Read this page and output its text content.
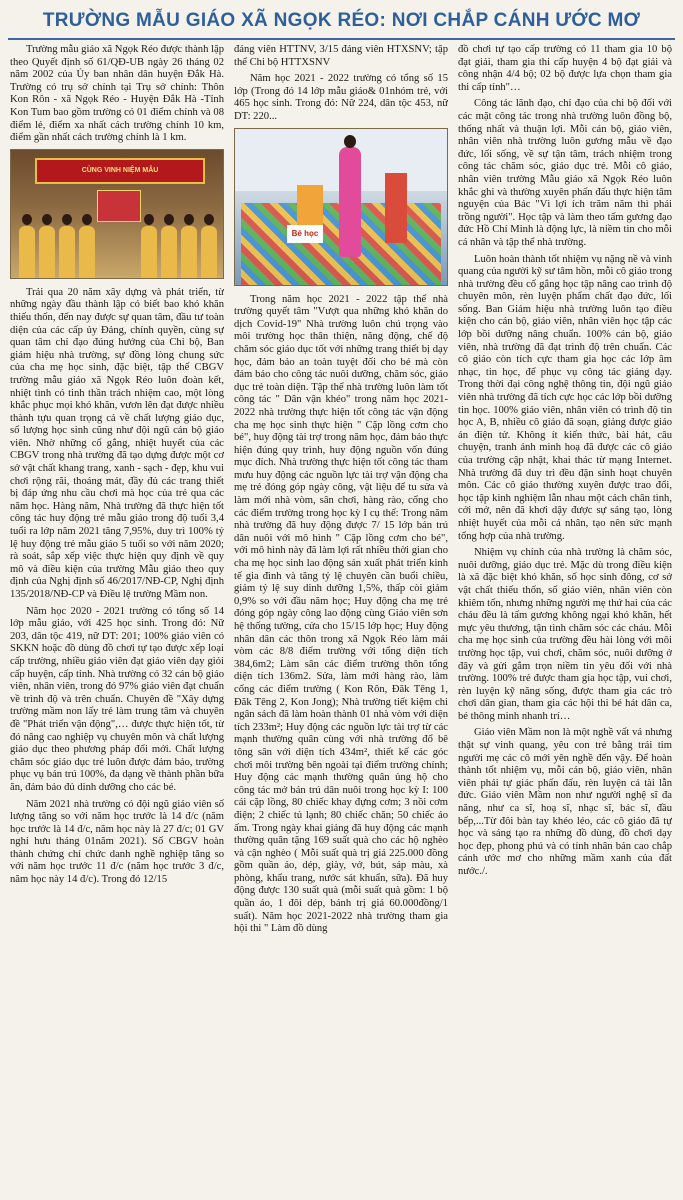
TRƯỜNG MẪU GIÁO XÃ NGỌK RÉO: NƠI CHẮP CÁNH ƯỚC MƠ

Trường mẫu giáo xã Ngọk Réo được thành lập theo Quyết định số 61/QĐ-UB ngày 26 tháng 02 năm 2002 của Ủy ban nhân dân huyện Đắk Hà. Trường có trụ sở chính tại Trụ sở chính: Thôn Kon Rôn - xã Ngọk Réo - Huyện Đắk Hà -Tỉnh Kon Tum bao gồm trường có 01 điểm chính và 08 điểm lẻ, điểm xa nhất cách trường chính 10 km, điểm gần nhất cách trường chính là 1 km.

CÙNG VINH NIỆM MẪU

Trải qua 20 năm xây dựng và phát triển, từ những ngày đầu thành lập có biết bao khó khăn thiếu thốn, đến nay được sự quan tâm, đầu tư toàn diện của các cấp ủy Đảng, chính quyền, cùng sự quan tâm chỉ đạo đúng hướng của Chi bộ, Ban giám hiệu nhà trường, sự đồng lòng chung sức của cha mẹ học sinh, đặc biệt, tập thể CBGV trường mẫu giáo xã Ngọk Réo luôn đoàn kết, nhiệt tình có tinh thần trách nhiệm cao, một lòng khắc phục mọi khó khăn, vươn lên đạt được nhiều thành tựu quan trọng cả về chất lượng giáo dục, số lượng học sinh cũng như đội ngũ cán bộ giáo viên. Nhờ những cố gắng, nhiệt huyết của các CBGV trong nhà trường đã tạo dựng được một cơ sở vật chất khang trang, xanh - sạch - đẹp, khu vui chơi rộng rãi, thoáng mát, đầy đủ các trang thiết bị đáp ứng nhu cầu chơi mà học của trẻ qua các năm học. Hàng năm, Nhà trường đã thực hiện tốt công tác huy động trẻ mẫu giáo trong độ tuổi 3,4 tuổi ra lớp năm 2021 tăng 7,95%, duy trì 100% tỷ lệ huy động trẻ mẫu giáo 5 tuổi so với năm 2020; rà soát, sắp xếp việc thực hiện quy định về quy mô và điều kiện của trường Mẫu giáo theo quy định của Nghị định số 46/2017/NĐ-CP, Nghị định 135/2018/NĐ-CP và Điều lệ trường Mầm non.

Năm học 2020 - 2021 trường có tổng số 14 lớp mẫu giáo, với 425 học sinh. Trong đó: Nữ 203, dân tộc 419, nữ DT: 201; 100% giáo viên có SKKN hoặc đồ dùng đồ chơi tự tạo được xếp loại cấp trường, nhiều giáo viên đạt giáo viên dạy giỏi cấp huyện, cấp tỉnh. Nhà trường có 32 cán bộ giáo viên, nhân viên, trong đó 97% giáo viên đạt chuẩn về trình độ và trên chuẩn. Chuyên đề "Xây dựng trường mầm non lấy trẻ làm trung tâm và chuyên đề "Phát triển vận động",… được thực hiện tốt, từ đó nâng cao nghiệp vụ chuyên môn và chất lượng giáo dục theo phương pháp đổi mới. Chất lượng chăm sóc giáo dục trẻ luôn được đảm bảo, trường phục vụ bán trú 100%, đa dạng về thành phần bữa ăn, đảm bảo đủ dinh dưỡng cho các bé.

Năm 2021 nhà trường có đội ngũ giáo viên số lượng tăng so với năm học trước là 14 đ/c (năm học trước là 14 đ/c, năm học này là 27 đ/c; 01 GV nghỉ hưu tháng 01năm 2021). Số CBGV hoàn thành chứng chỉ chức danh nghề nghiệp tăng so với năm học trước 11 đ/c (năm học trước 3 đ/c, năm học này 14 đ/c). Trong đó 12/15

đảng viên HTTNV, 3/15 đảng viên HTXSNV; tập thể Chi bộ HTTXSNV

Năm học 2021 - 2022 trường có tổng số 15 lớp (Trong đó 14 lớp mẫu giáo& 01nhóm trẻ, với 465 học sinh. Trong đó: Nữ 224, dân tộc 453, nữ DT: 220...

Bé học

Trong năm học 2021 - 2022 tập thể nhà trường quyết tâm "Vượt qua những khó khăn do dịch Covid-19" Nhà trường luôn chú trọng vào môi trường học thân thiện, năng động, chế độ chăm sóc giáo dục tốt với những trang thiết bị dạy học, đảm bảo an toàn tuyệt đối cho bé mà còn đảm bảo cho công tác nuôi dưỡng, chăm sóc, giáo dục trẻ toàn diện. Tập thể nhà trường luôn làm tốt công tác " Dân vận khéo" trong năm học 2021-2022 nhà trường thực hiện tốt công tác vận động cha mẹ học sinh thực hiện " Cặp lồng cơm cho bé", huy động tài trợ trong năm học, đảm bảo thực hiện đúng quy trình, huy động nguồn vốn đúng mục đích. Nhà trường thực hiện tốt công tác tham mưu huy động các nguồn lực tài trợ vận động cha mẹ trẻ đóng góp ngày công, vật liệu để tu sửa và làm mới nhà vòm, sân chơi, hàng rào, cổng cho các điểm trường trong học kỳ I cụ thể: Trong năm nhà trường đã huy động được 7/ 15 lớp bán trú dân nuôi với mô hình " Cặp lồng cơm cho bé", với mô hình này đã làm lợi rất nhiều thời gian cho cha mẹ học sinh lao động sản xuất phát triển kinh tế gia đình và tăng tỷ lệ chuyên cần buổi chiều, giảm tỷ lệ suy dinh dưỡng 1,5%, thấp còi giảm 0,9% so với đầu năm học; Huy động cha mẹ trẻ đóng góp ngày công lao động cùng Giáo viên sơn hệ thống tường, cửa cho 15/15 lớp học; Huy động nhân dân các thôn trong xã Ngọk Réo làm mái vòm các 8/8 điểm trường với tổng diện tích 384,6m2; Làm sân các điểm trường thôn tổng diện tích 136m2. Sửa, làm mới hàng rào, làm cổng các điểm trường ( Kon Rôn, Đăk Tēng 1, Đăk Tēng 2, Kon Jong); Nhà trường tiết kiệm chi ngân sách đã làm hoàn thành 01 nhà vòm với diện tích 233m²; Huy động các nguồn lực tài trợ từ các mạnh thường quân cùng với nhà trường đổ bê tông sân với diện tích 434m², thiết kế các góc chơi môi trường bên ngoài tại điểm trường chính; Huy động các mạnh thường quân ủng hộ cho công tác mở bán trú dân nuôi trong học kỳ I: 100 cái cặp lồng, 80 chiếc khay đựng cơm; 3 nồi cơm điện; 2 chiếc tủ lạnh; 80 chiếc chăn; 50 chiếc áo ấm. Trong ngày khai giảng đã huy động các mạnh thường quân tặng 169 suất quà cho các hộ nghèo và cận nghèo ( Mỗi suất quà trị giá 225.000 đồng gồm quần áo, dép, giày, vở, bút, sáp màu, xà phòng, khẩu trang, nước sát khuẩn, sữa). Đã huy động được 130 suất quà (mỗi suất quà gồm: 1 bộ quần áo, 1 đôi dép, bánh trị giá 60.000đồng/1 suất). Năm học 2021-2022 nhà trường tham gia hội thi " Làm đồ dùng

đồ chơi tự tạo cấp trường có 11 tham gia 10 bộ đạt giải, tham gia thi cấp huyện 4 bộ đạt giải và công nhận 4/4 bộ; 02 bộ được lựa chọn tham gia thi cấp tỉnh"…

Công tác lãnh đạo, chỉ đạo của chi bộ đối với các mặt công tác trong nhà trường luôn đồng bộ, thống nhất và thuận lợi. Mỗi cán bộ, giáo viên, nhân viên nhà trường luôn gương mẫu về đạo đức, lối sống, về sự tận tâm, trách nhiệm trong công tác chăm sóc, giáo dục trẻ. Mỗi cô giáo, nhân viên trường Mẫu giáo xã Ngọk Réo luôn khắc ghi và thường xuyên phấn đấu thực hiện tâm nguyện của Bác "Vì lợi ích trăm năm thì phải trồng người". Học tập và làm theo tấm gương đạo đức Hồ Chí Minh là động lực, là niềm tin cho mỗi cá nhân và tập thể nhà trường.

Luôn hoàn thành tốt nhiệm vụ nặng nề và vinh quang của người kỹ sư tâm hồn, mỗi cô giáo trong nhà trường đều cố gắng học tập nâng cao trình độ chuyên môn, rèn luyện phẩm chất đạo đức, lối sống. Ban Giám hiệu nhà trường luôn tạo điều kiện cho cán bộ, giáo viên, nhân viên học tập các lớp bồi dưỡng nâng chuẩn. 100% cán bộ, giáo viên, nhà trường đã đạt trình độ trên chuẩn. Các cô giáo còn tích cực tham gia học các lớp âm nhạc, tin học, để phục vụ công tác giảng dạy. Trong thời đại công nghệ thông tin, đội ngũ giáo viên nhà trường đã tích cực học các lớp bồi dưỡng tin học. 100% giáo viên, nhân viên có trình độ tin học A, B, nhiều cô giáo đã soạn, giảng được giáo án điện tử. Không ít kiến thức, bài hát, câu chuyện, tranh ảnh minh hoạ đã được các cô giáo của trường cập nhật, khai thác từ mạng Internet. Nhà trường đã duy trì đều đặn sinh hoạt chuyên môn. Các cô giáo thường xuyên được trao đổi, học tập kinh nghiệm lẫn nhau một cách chân tình, cởi mở, nên đã khơi dậy được sự sáng tạo, lòng nhiệt huyết của mỗi cá nhân, tạo nên sức mạnh tổng hợp của nhà trường.

Nhiệm vụ chính của nhà trường là chăm sóc, nuôi dưỡng, giáo dục trẻ. Mặc dù trong điều kiện là xã đặc biệt khó khăn, số học sinh đông, cơ sở vật chất thiếu thốn, số giáo viên, nhân viên còn khiêm tốn, nhưng những người mẹ thứ hai của các cháu đều là tấm gương không ngại khó khăn, hết mực yêu thương, tận tình chăm sóc các cháu. Mỗi cha mẹ học sinh của trường đều hài lòng với môi trường học tập, vui chơi, chăm sóc, nuôi dưỡng ở đây và gửi gắm trọn niềm tin yêu đối với nhà trường. 100% trẻ được tham gia học tập, vui chơi, rèn luyện kỹ năng sống, được tham gia các trò chơi dân gian, tham gia các hội thi bé hát dân ca, bé thông minh nhanh trí…

Giáo viên Mầm non là một nghề vất vả nhưng thật sự vinh quang, yêu con trẻ bằng trái tim người mẹ các cô mới yên nghề đến vậy. Để hoàn thành tốt nhiệm vụ, mỗi cán bộ, giáo viên, nhân viên phải tự giác phấn đấu, rèn luyện cả tài lẫn đức. Giáo viên Mầm non như người nghệ sĩ đa năng, như ca sĩ, hoạ sĩ, nhạc sĩ, bác sĩ, đầu bếp,...Từ đôi bàn tay khéo léo, các cô giáo đã tự học và sáng tạo ra những đồ dùng, đồ chơi dạy học đẹp, phong phú và có tính nhân bản cao chắp cánh ước mơ cho những mầm xanh của đất nước./.
